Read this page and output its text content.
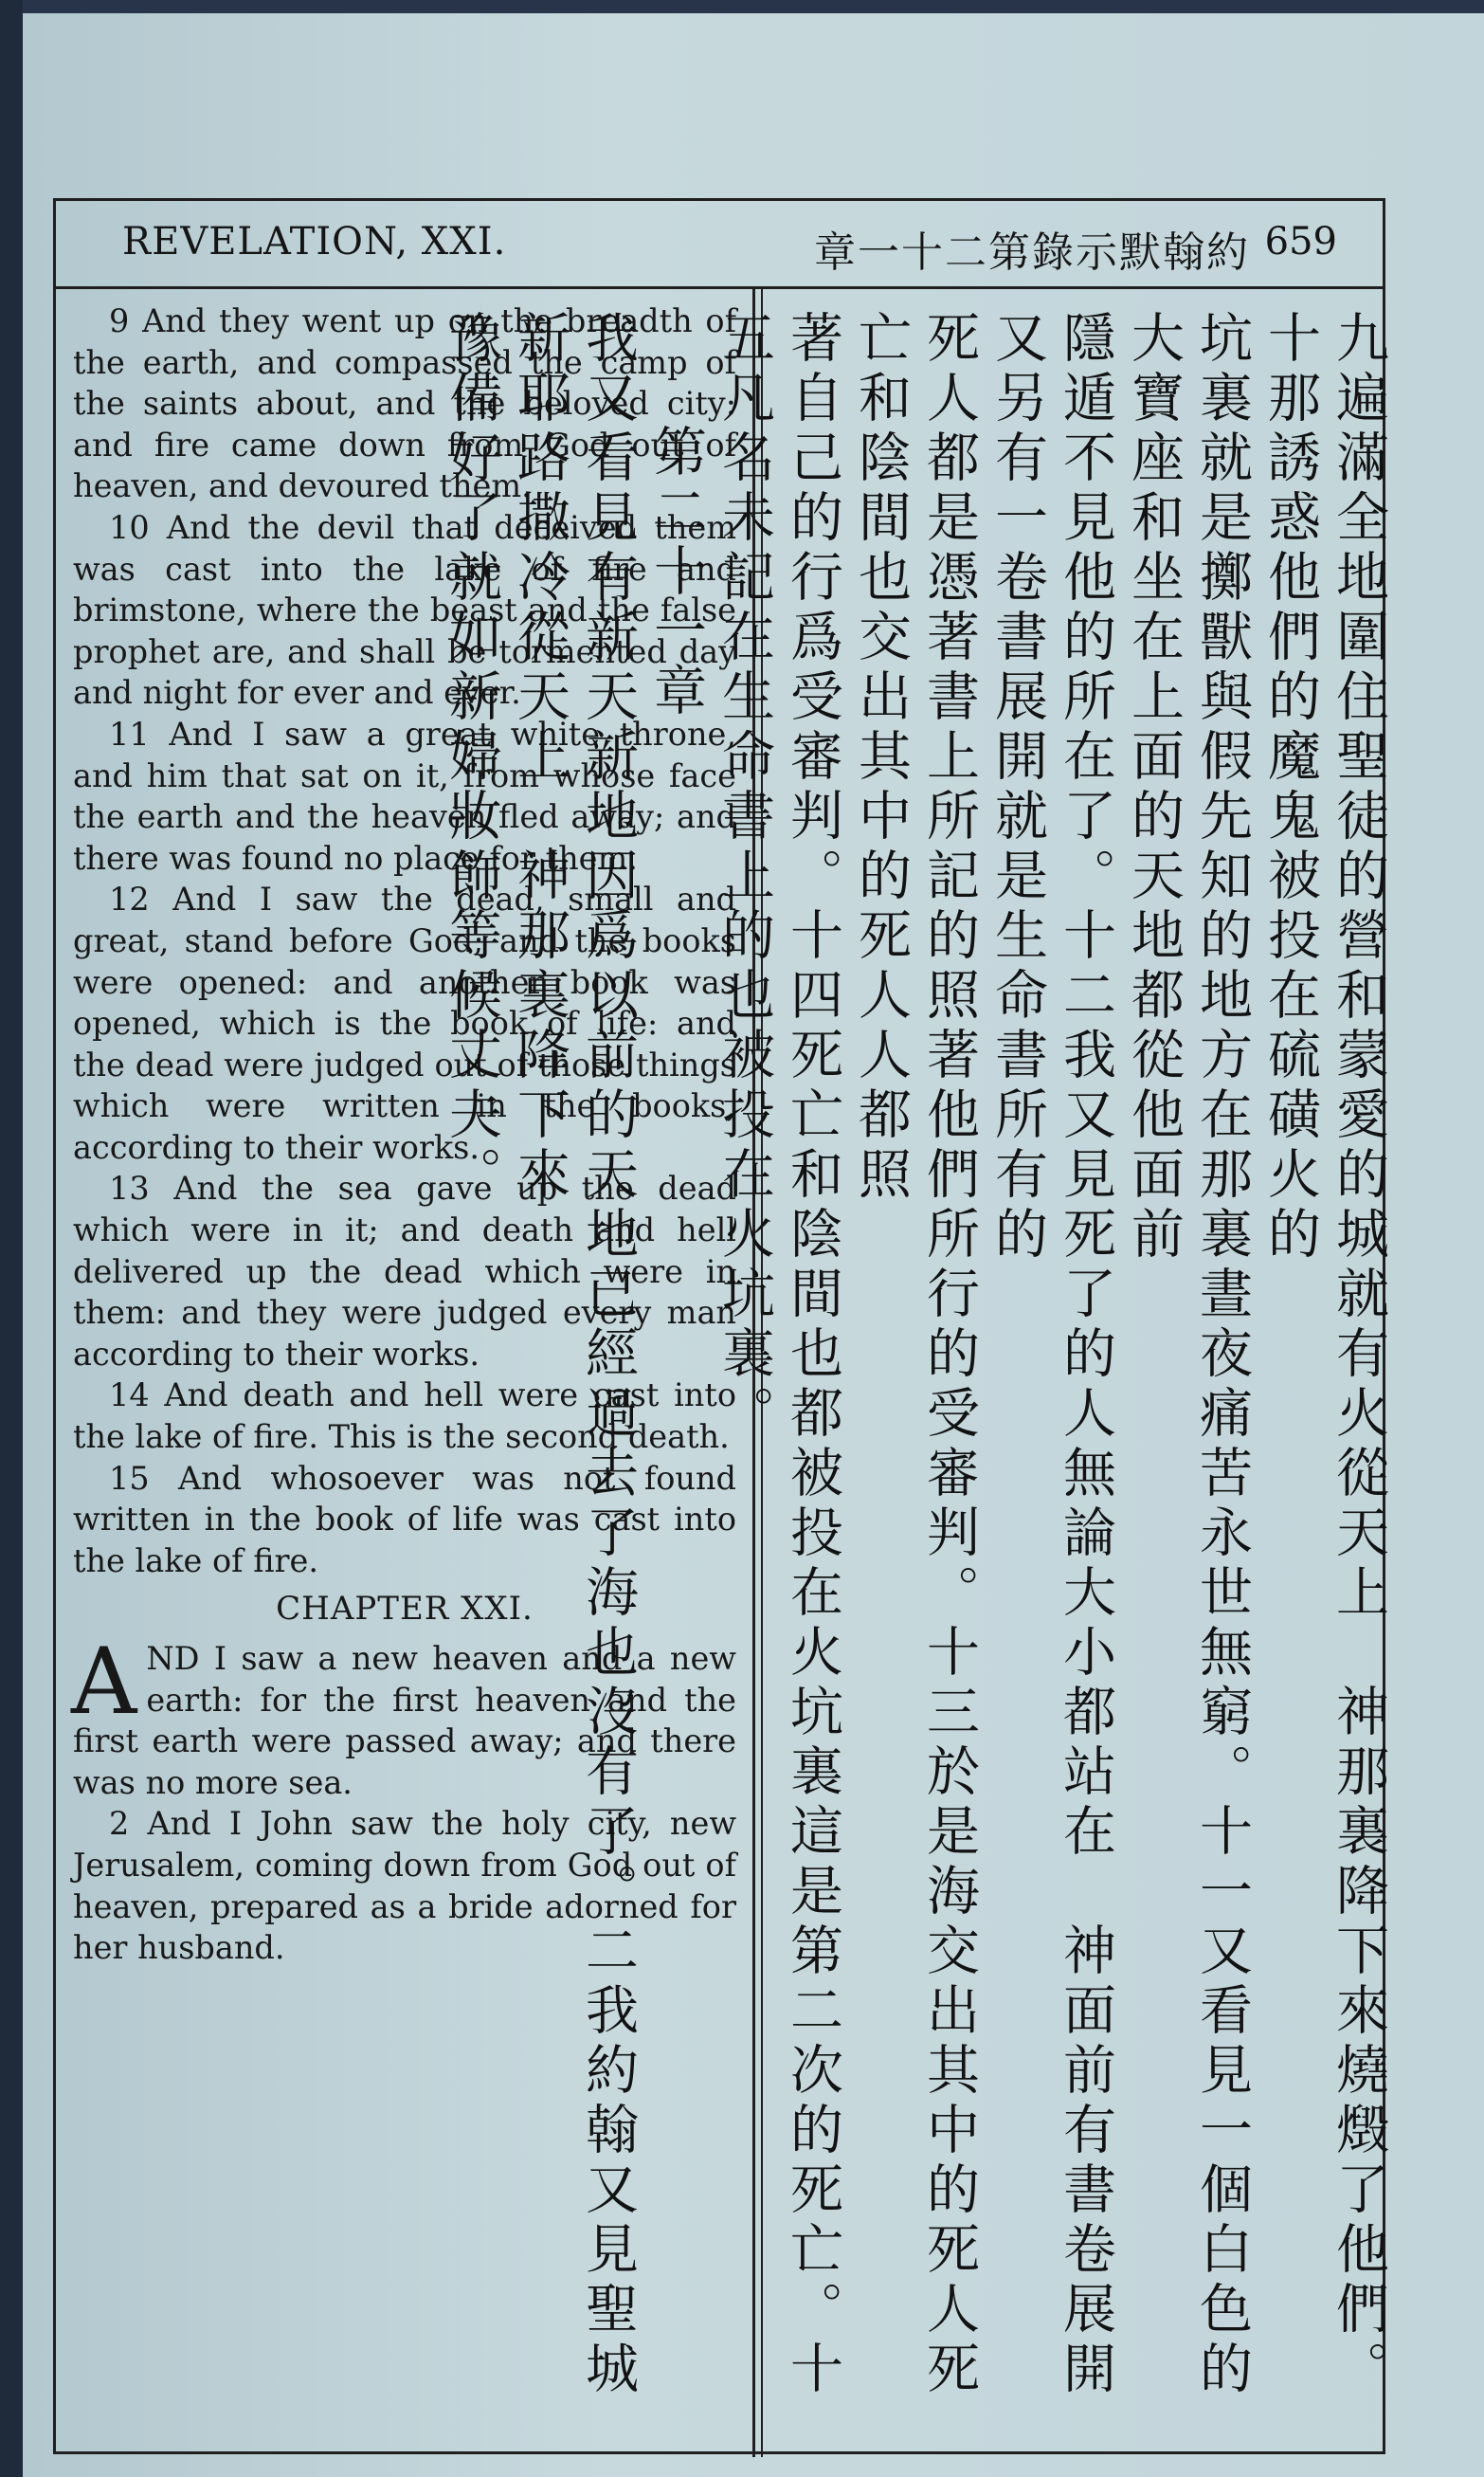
REVELATION, XXI.	章一十二第錄示默翰約 659

9 And they went up on the breadth of the earth, and compassed the camp of the saints about, and the beloved city: and fire came down from God out of heaven, and devoured them.

10 And the devil that deceived them was cast into the lake of fire and brimstone, where the beast and the false prophet are, and shall be tormented day and night for ever and ever.

11 And I saw a great white throne, and him that sat on it, from whose face the earth and the heaven fled away; and there was found no place for them.

12 And I saw the dead, small and great, stand before God; and the books were opened: and another book was opened, which is the book of life: and the dead were judged out of those things which were written in the books, according to their works.

13 And the sea gave up the dead which were in it; and death and hell delivered up the dead which were in them: and they were judged every man according to their works.

14 And death and hell were cast into the lake of fire. This is the second death.

15 And whosoever was not found written in the book of life was cast into the lake of fire.

CHAPTER XXI.

AND I saw a new heaven and a new earth: for the first heaven and the first earth were passed away; and there was no more sea.

2 And I John saw the holy city, new Jerusalem, coming down from God out of heaven, prepared as a bride adorned for her husband.	九遍滿全地圍住聖徒的營和蒙愛的城就有火從天上　神那裏降下來燒燬了他們。十那誘惑他們的魔鬼被投在硫磺火的
坑裏就是擲獸與假先知的地方在那裏晝夜痛苦永世無窮。十一又看見一個白色的大寶座和坐在上面的天地都從他面前
隱遁不見他的所在了。十二我又見死了的人無論大小都站在　神面前有書卷展開又另有一卷書展開就是生命書所有的
死人都是憑著書上所記的照著他們所行的受審判。十三於是海交出其中的死人死亡和陰間也交出其中的死人人都照
著自己的行爲受審判。十四死亡和陰間也都被投在火坑裏這是第二次的死亡。十五凡名未記在生命書上的也被投在火坑裏。
第二十一章
我又看見有新天新地因爲以前的天地已經過去了海也沒有了。二我約翰又見聖城新耶路撒冷從天上　神那裏降下來
豫備好了就如新婦妝飾等候丈夫。
